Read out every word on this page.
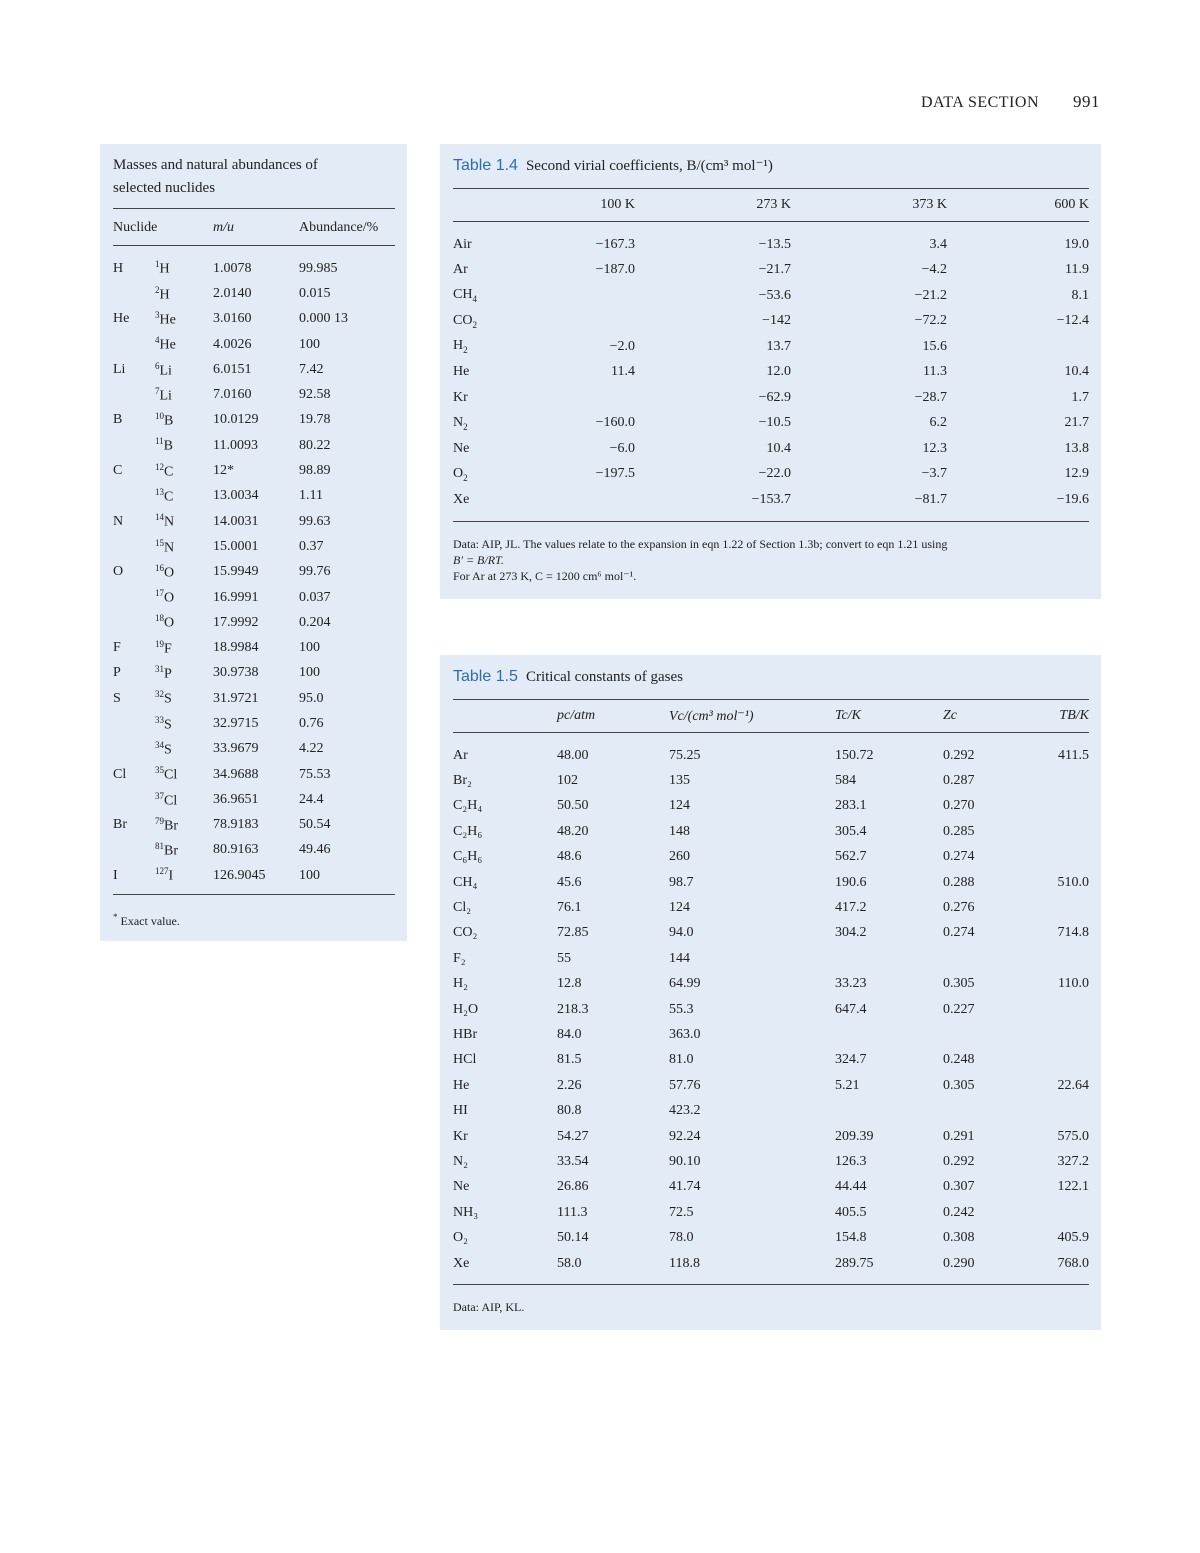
DATA SECTION 991
Masses and natural abundances of selected nuclides
Nuclide	m/u	Abundance/%
H	$^1$H	1.0078	99.985
	$^2$H	2.0140	0.015
He	$^3$He	3.0160	0.000 13
	$^4$He	4.0026	100
Li	$^6$Li	6.0151	7.42
	$^7$Li	7.0160	92.58
B	$^{10}$B	10.0129	19.78
	$^{11}$B	11.0093	80.22
C	$^{12}$C	12*	98.89
	$^{13}$C	13.0034	1.11
N	$^{14}$N	14.0031	99.63
	$^{15}$N	15.0001	0.37
O	$^{16}$O	15.9949	99.76
	$^{17}$O	16.9991	0.037
	$^{18}$O	17.9992	0.204
F	$^{19}$F	18.9984	100
P	$^{31}$P	30.9738	100
S	$^{32}$S	31.9721	95.0
	$^{33}$S	32.9715	0.76
	$^{34}$S	33.9679	4.22
Cl	$^{35}$Cl	34.9688	75.53
	$^{37}$Cl	36.9651	24.4
Br	$^{79}$Br	78.9183	50.54
	$^{81}$Br	80.9163	49.46
I	$^{127}$I	126.9045	100
* Exact value.
Table 1.4 Second virial coefficients, B/(cm³ mol⁻¹)
	100 K	273 K	373 K	600 K
Air	−167.3	−13.5	3.4	19.0
Ar	−187.0	−21.7	−4.2	11.9
$CH_4$		−53.6	−21.2	8.1
$CO_2$		−142	−72.2	−12.4
$H_2$	−2.0	13.7	15.6	
He	11.4	12.0	11.3	10.4
Kr		−62.9	−28.7	1.7
$N_2$	−160.0	−10.5	6.2	21.7
Ne	−6.0	10.4	12.3	13.8
$O_2$	−197.5	−22.0	−3.7	12.9
Xe		−153.7	−81.7	−19.6
Data: AIP, JL. The values relate to the expansion in eqn 1.22 of Section 1.3b; convert to eqn 1.21 using
B′ = B/RT.
For Ar at 273 K, C = 1200 cm⁶ mol⁻¹.
Table 1.5 Critical constants of gases
	pc/atm	Vc/(cm³ mol⁻¹)	Tc/K	Zc	TB/K
Ar	48.00	75.25	150.72	0.292	411.5
Br₂	102	135	584	0.287	
C₂H₄	50.50	124	283.1	0.270	
C₂H₆	48.20	148	305.4	0.285	
C₆H₆	48.6	260	562.7	0.274	
CH₄	45.6	98.7	190.6	0.288	510.0
Cl₂	76.1	124	417.2	0.276	
CO₂	72.85	94.0	304.2	0.274	714.8
F₂	55	144			
H₂	12.8	64.99	33.23	0.305	110.0
H₂O	218.3	55.3	647.4	0.227	
HBr	84.0	363.0			
HCl	81.5	81.0	324.7	0.248	
He	2.26	57.76	5.21	0.305	22.64
HI	80.8	423.2			
Kr	54.27	92.24	209.39	0.291	575.0
N₂	33.54	90.10	126.3	0.292	327.2
Ne	26.86	41.74	44.44	0.307	122.1
NH₃	111.3	72.5	405.5	0.242	
O₂	50.14	78.0	154.8	0.308	405.9
Xe	58.0	118.8	289.75	0.290	768.0
Data: AIP, KL.
